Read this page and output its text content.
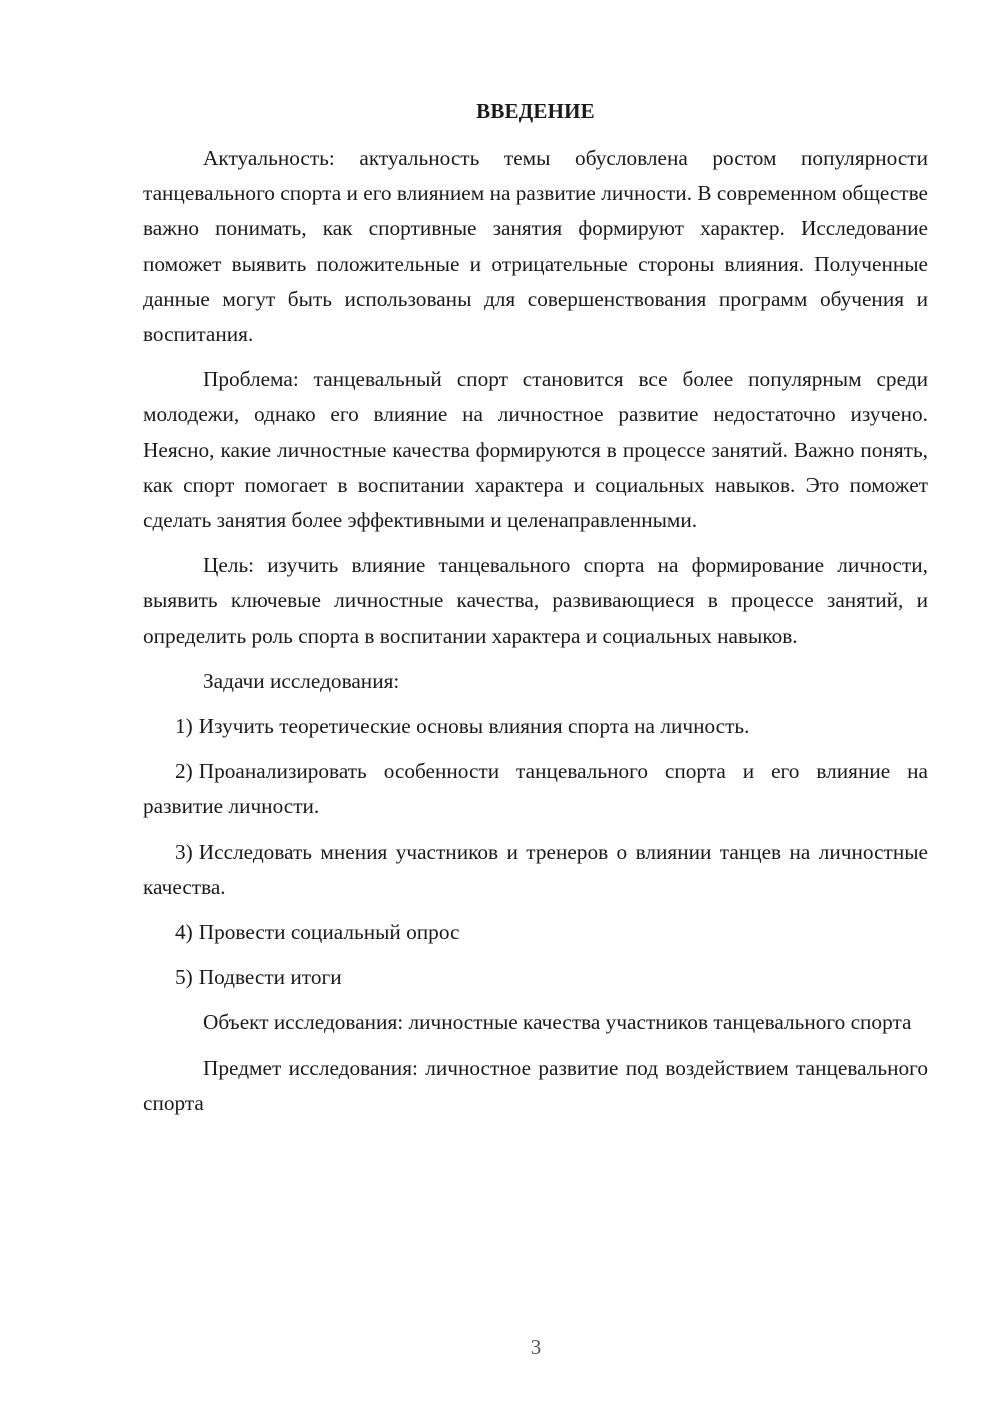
ВВЕДЕНИЕ

Актуальность: актуальность темы обусловлена ростом популярности танцевального спорта и его влиянием на развитие личности. В современном обществе важно понимать, как спортивные занятия формируют характер. Исследование поможет выявить положительные и отрицательные стороны влияния. Полученные данные могут быть использованы для совершенствования программ обучения и воспитания.

Проблема: танцевальный спорт становится все более популярным среди молодежи, однако его влияние на личностное развитие недостаточно изучено. Неясно, какие личностные качества формируются в процессе занятий. Важно понять, как спорт помогает в воспитании характера и социальных навыков. Это поможет сделать занятия более эффективными и целенаправленными.

Цель: изучить влияние танцевального спорта на формирование личности, выявить ключевые личностные качества, развивающиеся в процессе занятий, и определить роль спорта в воспитании характера и социальных навыков.

Задачи исследования:

1) Изучить теоретические основы влияния спорта на личность.

2) Проанализировать особенности танцевального спорта и его влияние на развитие личности.

3) Исследовать мнения участников и тренеров о влиянии танцев на личностные качества.

4) Провести социальный опрос

5) Подвести итоги

Объект исследования: личностные качества участников танцевального спорта

Предмет исследования: личностное развитие под воздействием танцевального спорта

3
